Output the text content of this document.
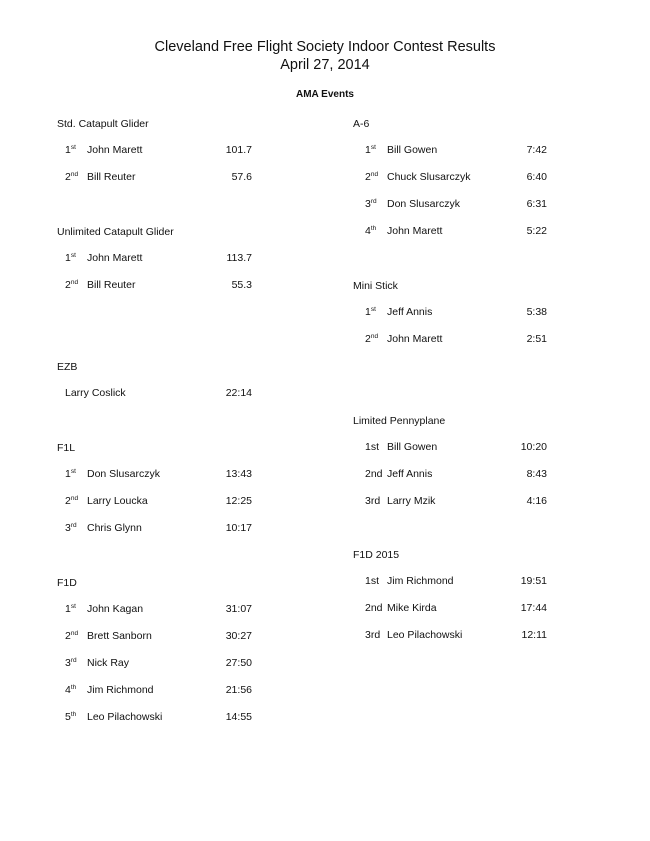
Cleveland Free Flight Society Indoor Contest Results
April 27, 2014
AMA Events
Std. Catapult Glider
1st John Marett	101.7
2nd Bill Reuter	57.6
Unlimited Catapult Glider
1st John Marett	113.7
2nd Bill Reuter	55.3
EZB
Larry Coslick	22:14
F1L
1st Don Slusarczyk	13:43
2nd Larry Loucka	12:25
3rd Chris Glynn	10:17
F1D
1st John Kagan	31:07
2nd Brett Sanborn	30:27
3rd Nick Ray	27:50
4th Jim Richmond	21:56
5th Leo Pilachowski	14:55
A-6
1st Bill Gowen	7:42
2nd Chuck Slusarczyk	6:40
3rd Don Slusarczyk	6:31
4th John Marett	5:22
Mini Stick
1st Jeff Annis	5:38
2nd John Marett	2:51
Limited Pennyplane
1st Bill Gowen	10:20
2nd Jeff Annis	8:43
3rd Larry Mzik	4:16
F1D 2015
1st Jim Richmond	19:51
2nd Mike Kirda	17:44
3rd Leo Pilachowski	12:11
